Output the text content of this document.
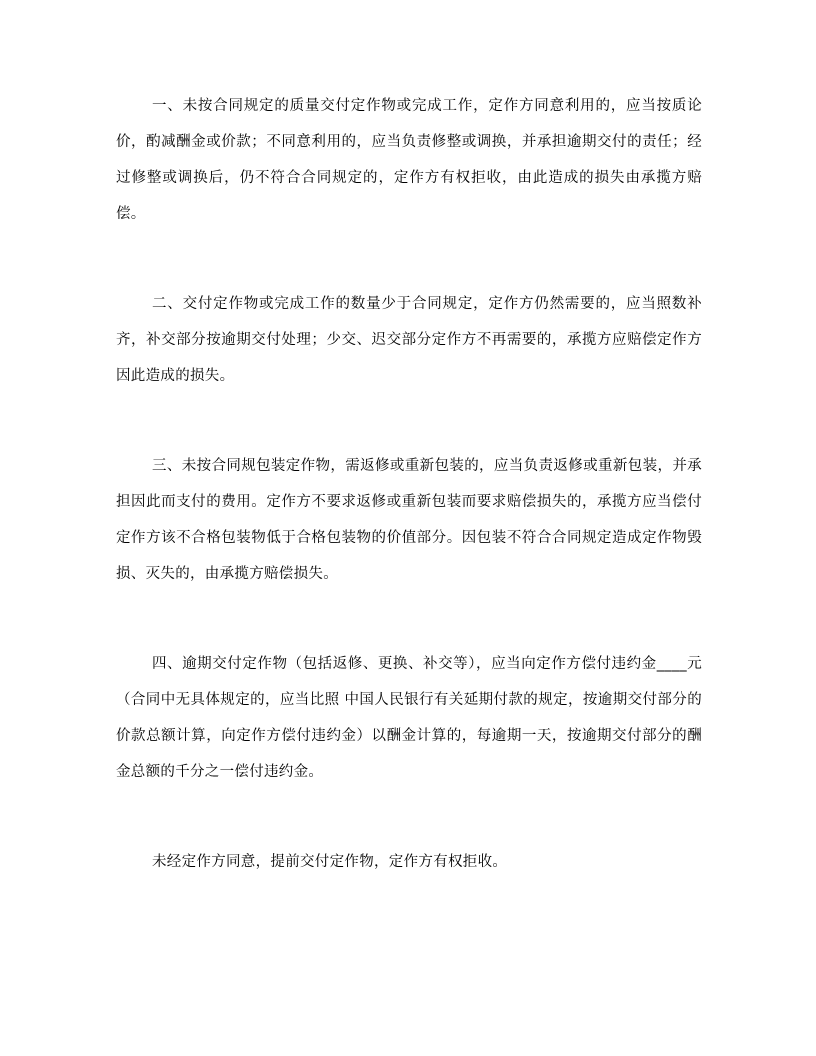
一、未按合同规定的质量交付定作物或完成工作，定作方同意利用的，应当按质论价，酌减酬金或价款；不同意利用的，应当负责修整或调换，并承担逾期交付的责任；经过修整或调换后，仍不符合合同规定的，定作方有权拒收，由此造成的损失由承揽方赔偿。

二、交付定作物或完成工作的数量少于合同规定，定作方仍然需要的，应当照数补齐，补交部分按逾期交付处理；少交、迟交部分定作方不再需要的，承揽方应赔偿定作方因此造成的损失。

三、未按合同规包装定作物，需返修或重新包装的，应当负责返修或重新包装，并承担因此而支付的费用。定作方不要求返修或重新包装而要求赔偿损失的，承揽方应当偿付定作方该不合格包装物低于合格包装物的价值部分。因包装不符合合同规定造成定作物毁损、灭失的，由承揽方赔偿损失。

四、逾期交付定作物（包括返修、更换、补交等），应当向定作方偿付违约金____元 （合同中无具体规定的，应当比照 中国人民银行有关延期付款的规定，按逾期交付部分的价款总额计算，向定作方偿付违约金）以酬金计算的，每逾期一天，按逾期交付部分的酬金总额的千分之一偿付违约金。

未经定作方同意，提前交付定作物，定作方有权拒收。
